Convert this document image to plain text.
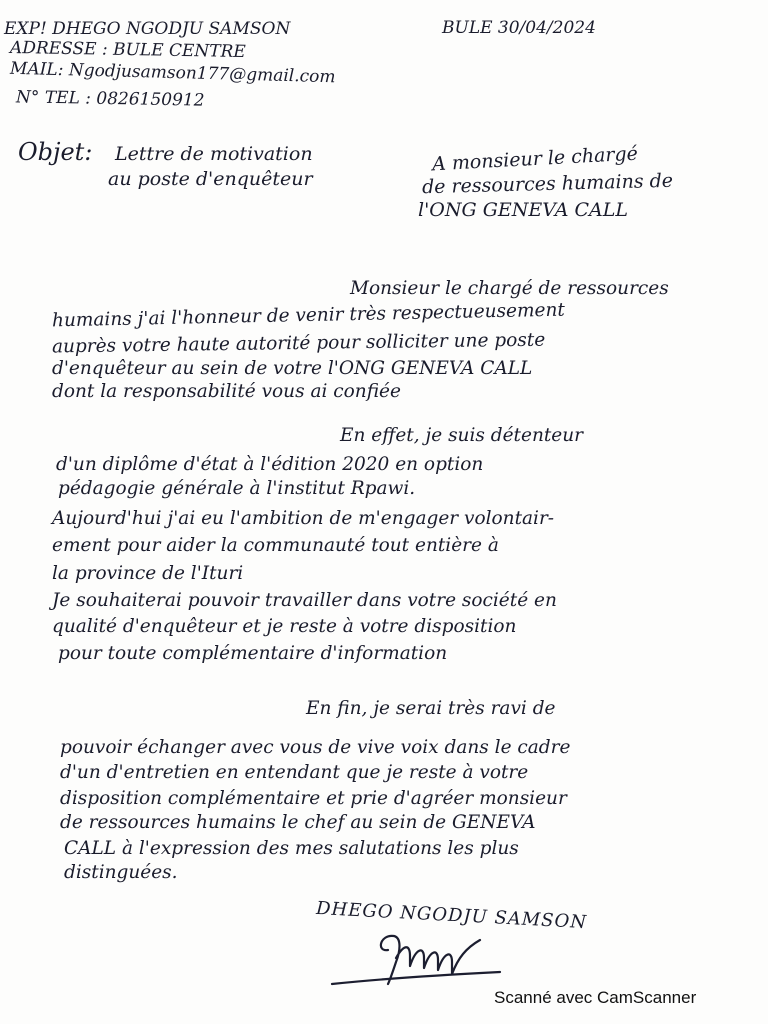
EXP! DHEGO NGODJU SAMSON
ADRESSE : BULE CENTRE
MAIL: Ngodjusamson177@gmail.com
N° TEL : 0826150912
BULE 30/04/2024
Objet: Lettre de motivation
au poste d'enquêteur
A monsieur le chargé
de ressources humains de
l'ONG GENEVA CALL
Monsieur le chargé de ressources
humains j'ai l'honneur de venir très respectueusement
auprès votre haute autorité pour solliciter une poste
d'enquêteur au sein de votre l'ONG GENEVA CALL
dont la responsabilité vous ai confiée
En effet, je suis détenteur
d'un diplôme d'état à l'édition 2020 en option
pédagogie générale à l'institut Rpawi.
Aujourd'hui j'ai eu l'ambition de m'engager volontair-
ement pour aider la communauté tout entière à
la province de l'Ituri
Je souhaiterai pouvoir travailler dans votre société en
qualité d'enquêteur et je reste à votre disposition
pour toute complémentaire d'information
En fin, je serai très ravi de
pouvoir échanger avec vous de vive voix dans le cadre
d'un d'entretien en entendant que je reste à votre
disposition complémentaire et prie d'agréer monsieur
de ressources humains le chef au sein de GENEVA
CALL à l'expression des mes salutations les plus
distinguées.
DHEGO NGODJU SAMSON
Scanné avec CamScanner
